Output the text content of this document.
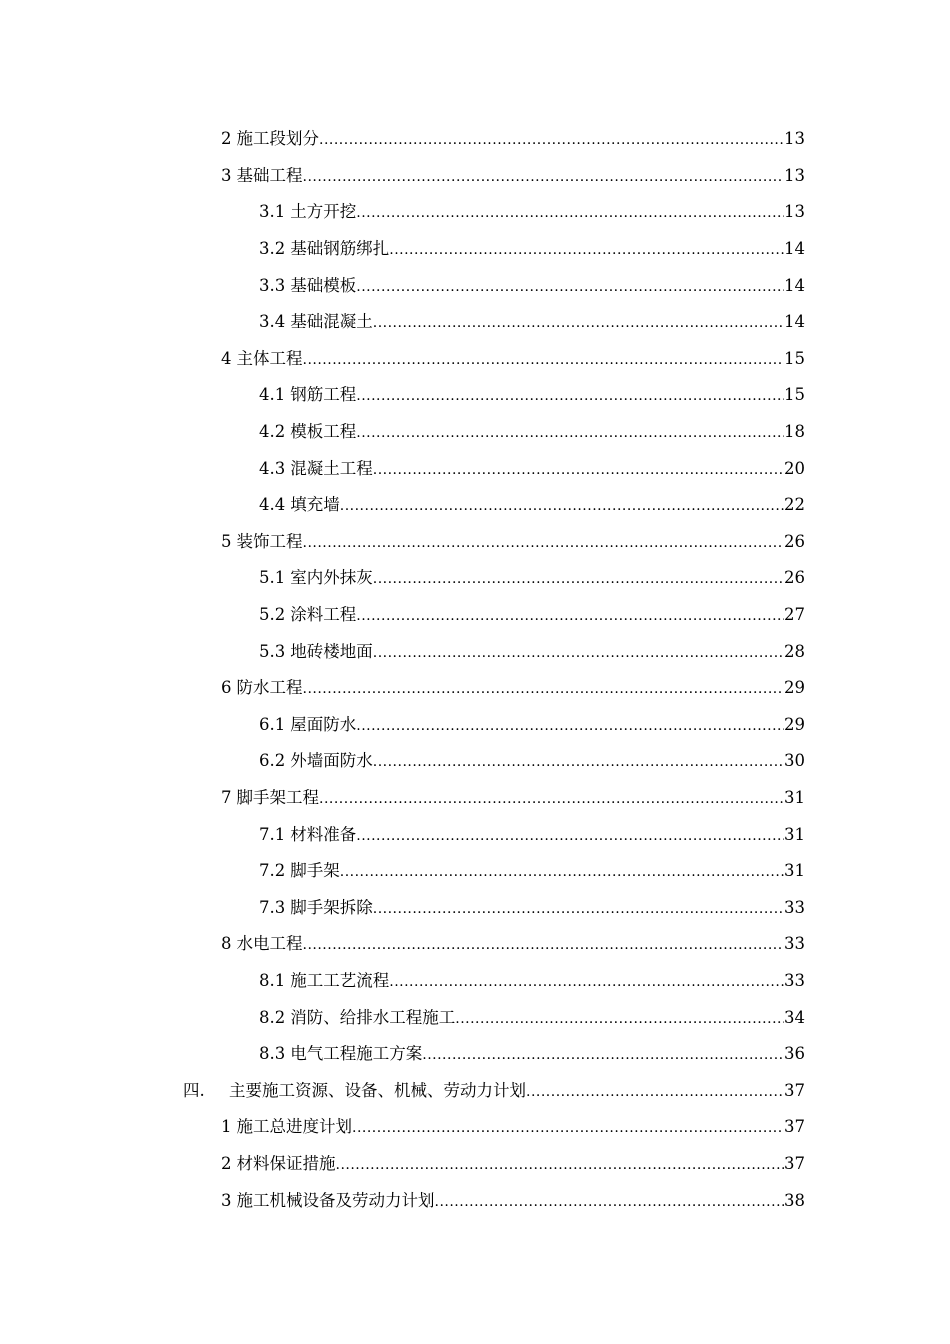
2 施工段划分 .....	13
3 基础工程 .....	13
3.1 土方开挖 .....	13
3.2 基础钢筋绑扎 .....	14
3.3 基础模板 .....	14
3.4 基础混凝土 .....	14
4 主体工程 .....	15
4.1 钢筋工程 .....	15
4.2 模板工程 .....	18
4.3 混凝土工程 .....	20
4.4 填充墙 .....	22
5 装饰工程 .....	26
5.1 室内外抹灰 .....	26
5.2 涂料工程 .....	27
5.3 地砖楼地面 .....	28
6 防水工程 .....	29
6.1 屋面防水 .....	29
6.2 外墙面防水 .....	30
7 脚手架工程 .....	31
7.1 材料准备 .....	31
7.2 脚手架 .....	31
7.3 脚手架拆除 .....	33
8 水电工程 .....	33
8.1 施工工艺流程 .....	33
8.2 消防、给排水工程施工 .....	34
8.3 电气工程施工方案 .....	36
四.	主要施工资源、设备、机械、劳动力计划 .....	37
1 施工总进度计划 .....	37
2 材料保证措施 .....	37
3 施工机械设备及劳动力计划 .....	38
